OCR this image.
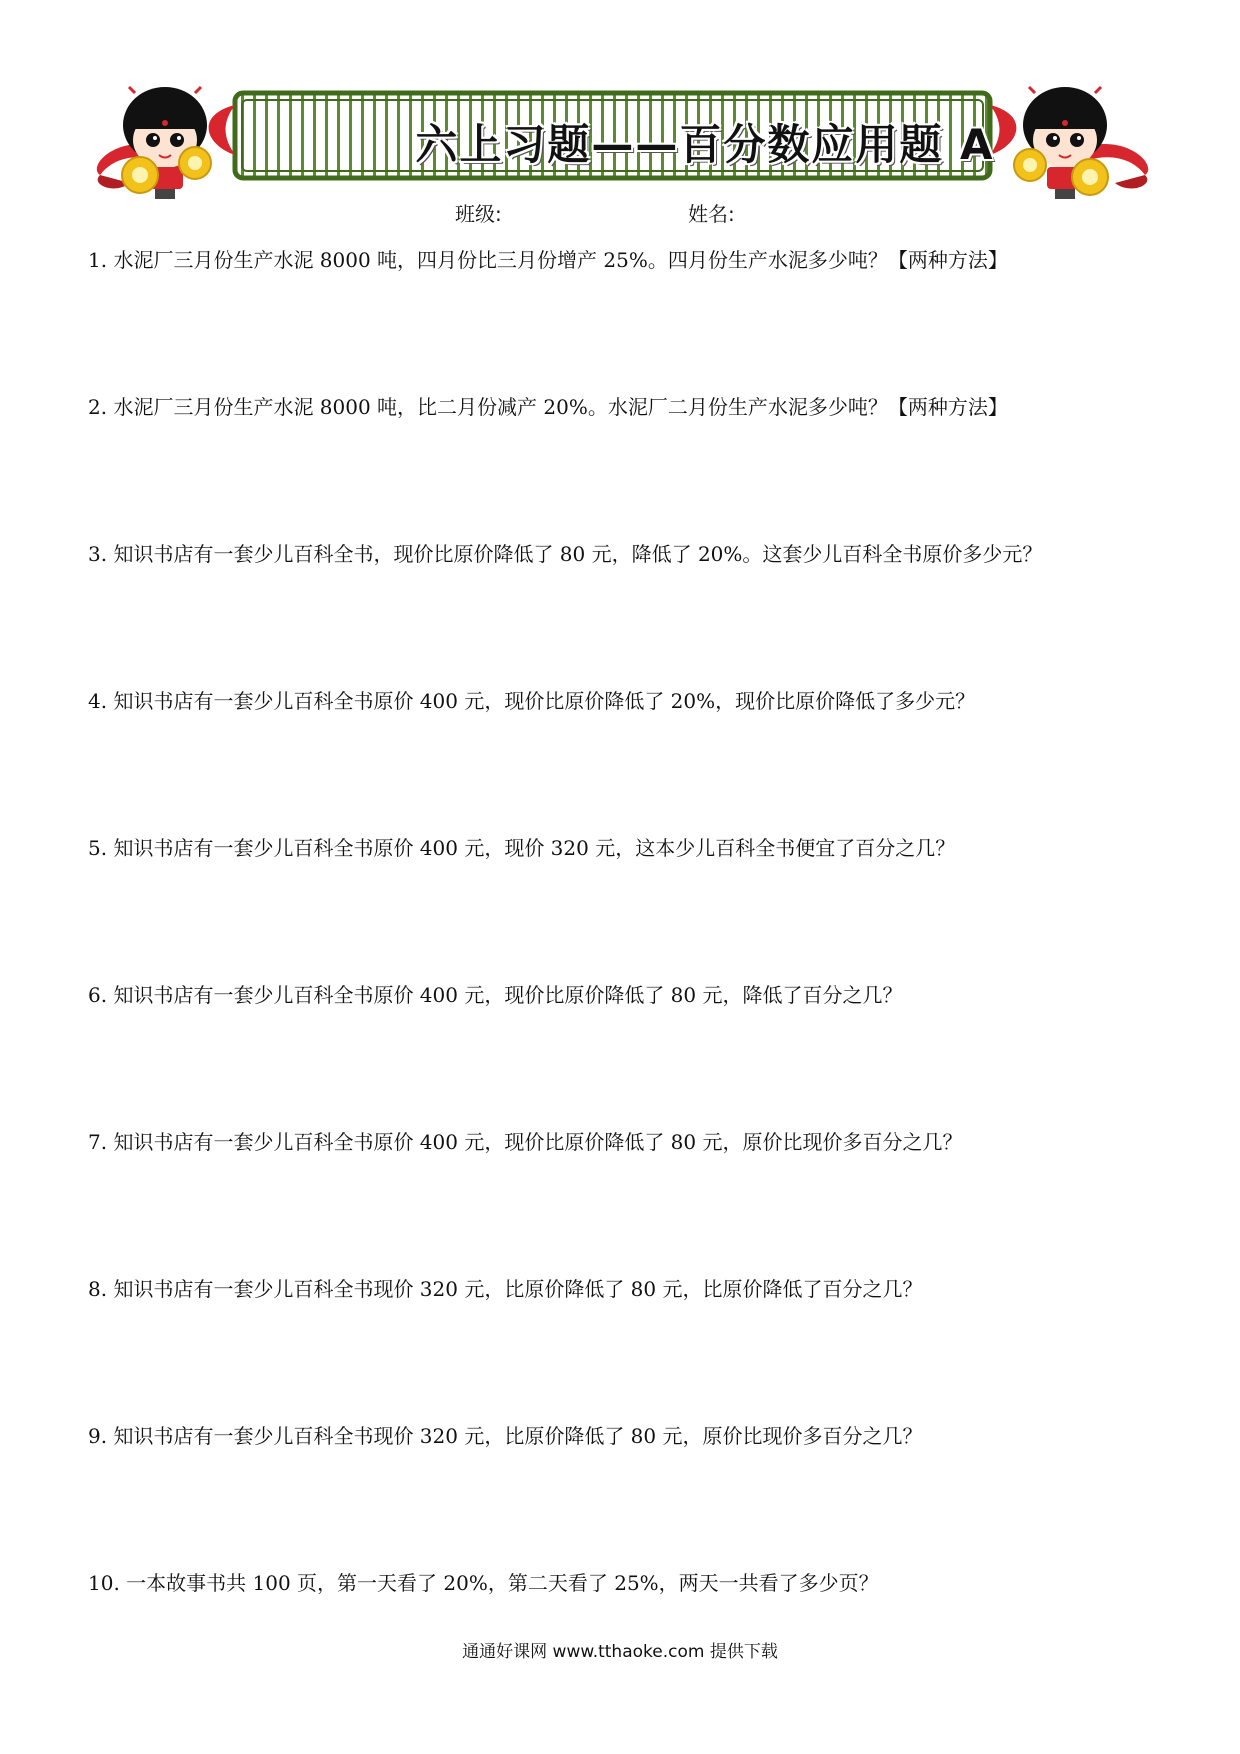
六上习题——百分数应用题 A
班级:	姓名:
1. 水泥厂三月份生产水泥 8000 吨，四月份比三月份增产 25%。四月份生产水泥多少吨？【两种方法】
2. 水泥厂三月份生产水泥 8000 吨，比二月份减产 20%。水泥厂二月份生产水泥多少吨？【两种方法】
3. 知识书店有一套少儿百科全书，现价比原价降低了 80 元，降低了 20%。这套少儿百科全书原价多少元？
4. 知识书店有一套少儿百科全书原价 400 元，现价比原价降低了 20%，现价比原价降低了多少元？
5. 知识书店有一套少儿百科全书原价 400 元，现价 320 元，这本少儿百科全书便宜了百分之几？
6. 知识书店有一套少儿百科全书原价 400 元，现价比原价降低了 80 元，降低了百分之几？
7. 知识书店有一套少儿百科全书原价 400 元，现价比原价降低了 80 元，原价比现价多百分之几？
8. 知识书店有一套少儿百科全书现价 320 元，比原价降低了 80 元，比原价降低了百分之几？
9. 知识书店有一套少儿百科全书现价 320 元，比原价降低了 80 元，原价比现价多百分之几？
10. 一本故事书共 100 页，第一天看了 20%，第二天看了 25%，两天一共看了多少页？
通通好课网 www.tthaoke.com 提供下载
